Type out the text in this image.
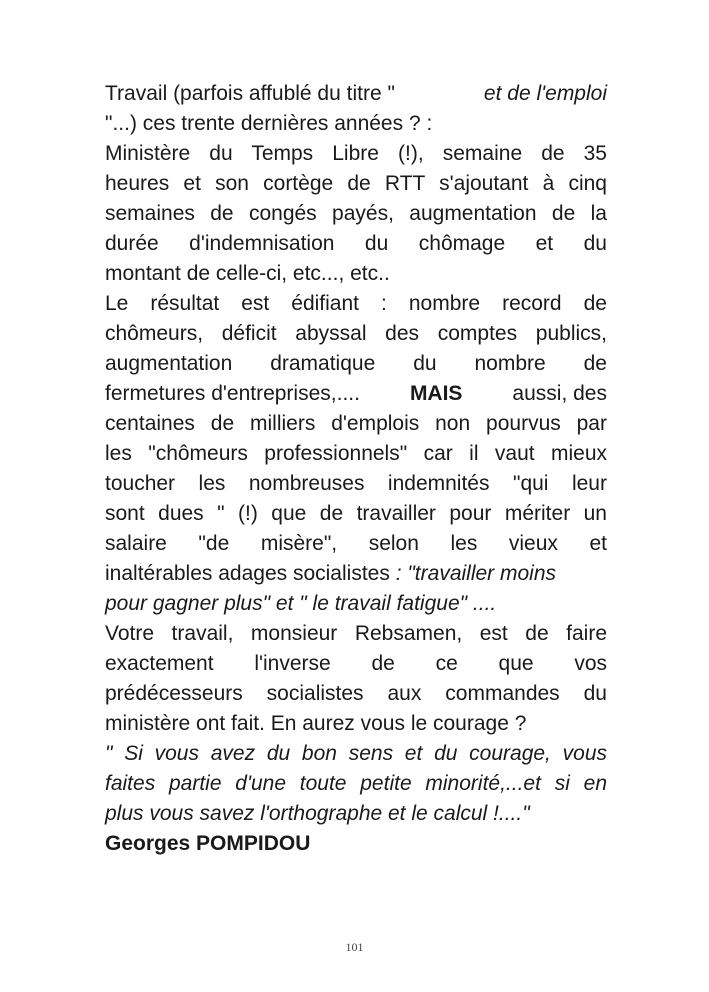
Travail (parfois affublé du titre "	et de l'emploi
"...) ces trente dernières années ? :
Ministère du Temps Libre (!), semaine de 35
heures et son cortège de RTT s'ajoutant à cinq
semaines de congés payés, augmentation de la
durée d'indemnisation du chômage et du
montant de celle-ci, etc..., etc..
Le résultat est édifiant : nombre record de
chômeurs, déficit abyssal des comptes publics,
augmentation dramatique du nombre de
fermetures d'entreprises,.... MAIS aussi, des
centaines de milliers d'emplois non pourvus par
les "chômeurs professionnels" car il vaut mieux
toucher les nombreuses indemnités "qui leur
sont dues " (!) que de travailler pour mériter un
salaire "de misère", selon les vieux et
inaltérables adages socialistes : "travailler moins
pour gagner plus" et " le travail fatigue" ....
Votre travail, monsieur Rebsamen, est de faire
exactement l'inverse de ce que vos
prédécesseurs socialistes aux commandes du
ministère ont fait. En aurez vous le courage ?
" Si vous avez du bon sens et du courage, vous
faites partie d'une toute petite minorité,...et si en
plus vous savez l'orthographe et le calcul !...."
Georges POMPIDOU
101
